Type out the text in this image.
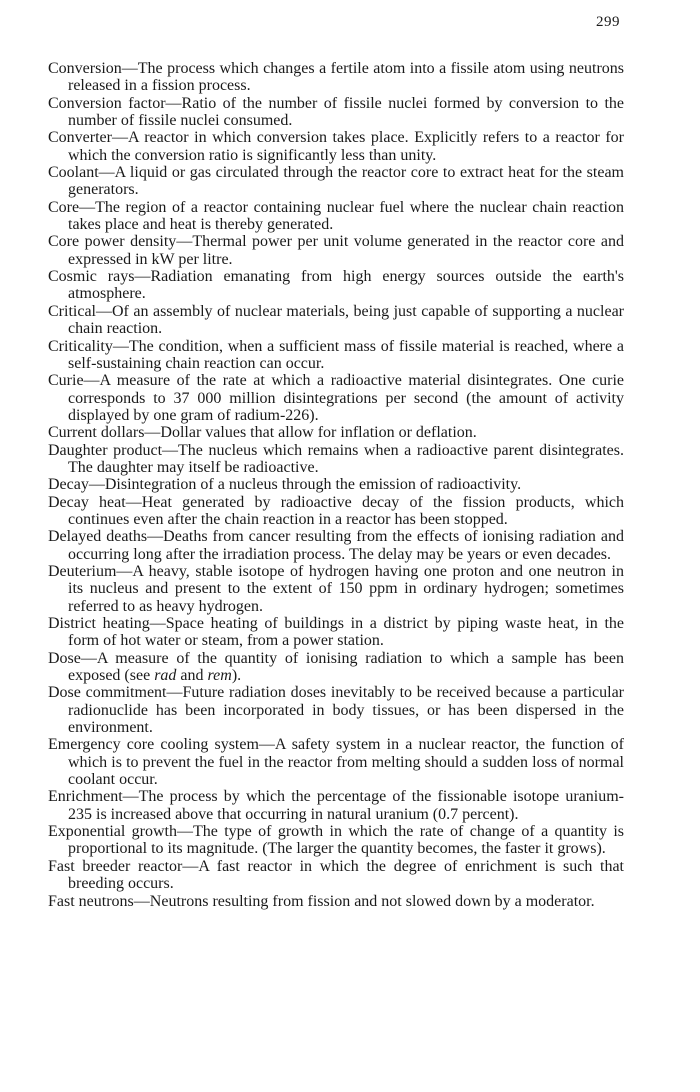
299

Conversion—The process which changes a fertile atom into a fissile atom using neutrons released in a fission process.

Conversion factor—Ratio of the number of fissile nuclei formed by conversion to the number of fissile nuclei consumed.

Converter—A reactor in which conversion takes place. Explicitly refers to a reactor for which the conversion ratio is significantly less than unity.

Coolant—A liquid or gas circulated through the reactor core to extract heat for the steam generators.

Core—The region of a reactor containing nuclear fuel where the nuclear chain reaction takes place and heat is thereby generated.

Core power density—Thermal power per unit volume generated in the reactor core and expressed in kW per litre.

Cosmic rays—Radiation emanating from high energy sources outside the earth's atmosphere.

Critical—Of an assembly of nuclear materials, being just capable of supporting a nuclear chain reaction.

Criticality—The condition, when a sufficient mass of fissile material is reached, where a self-sustaining chain reaction can occur.

Curie—A measure of the rate at which a radioactive material disintegrates. One curie corresponds to 37 000 million disintegrations per second (the amount of activity displayed by one gram of radium-226).

Current dollars—Dollar values that allow for inflation or deflation.

Daughter product—The nucleus which remains when a radioactive parent disintegrates. The daughter may itself be radioactive.

Decay—Disintegration of a nucleus through the emission of radioactivity.

Decay heat—Heat generated by radioactive decay of the fission products, which continues even after the chain reaction in a reactor has been stopped.

Delayed deaths—Deaths from cancer resulting from the effects of ionising radiation and occurring long after the irradiation process. The delay may be years or even decades.

Deuterium—A heavy, stable isotope of hydrogen having one proton and one neutron in its nucleus and present to the extent of 150 ppm in ordinary hydrogen; sometimes referred to as heavy hydrogen.

District heating—Space heating of buildings in a district by piping waste heat, in the form of hot water or steam, from a power station.

Dose—A measure of the quantity of ionising radiation to which a sample has been exposed (see rad and rem).

Dose commitment—Future radiation doses inevitably to be received because a particular radionuclide has been incorporated in body tissues, or has been dispersed in the environment.

Emergency core cooling system—A safety system in a nuclear reactor, the function of which is to prevent the fuel in the reactor from melting should a sudden loss of normal coolant occur.

Enrichment—The process by which the percentage of the fissionable isotope uranium-235 is increased above that occurring in natural uranium (0.7 percent).

Exponential growth—The type of growth in which the rate of change of a quantity is proportional to its magnitude. (The larger the quantity becomes, the faster it grows).

Fast breeder reactor—A fast reactor in which the degree of enrichment is such that breeding occurs.

Fast neutrons—Neutrons resulting from fission and not slowed down by a moderator.
